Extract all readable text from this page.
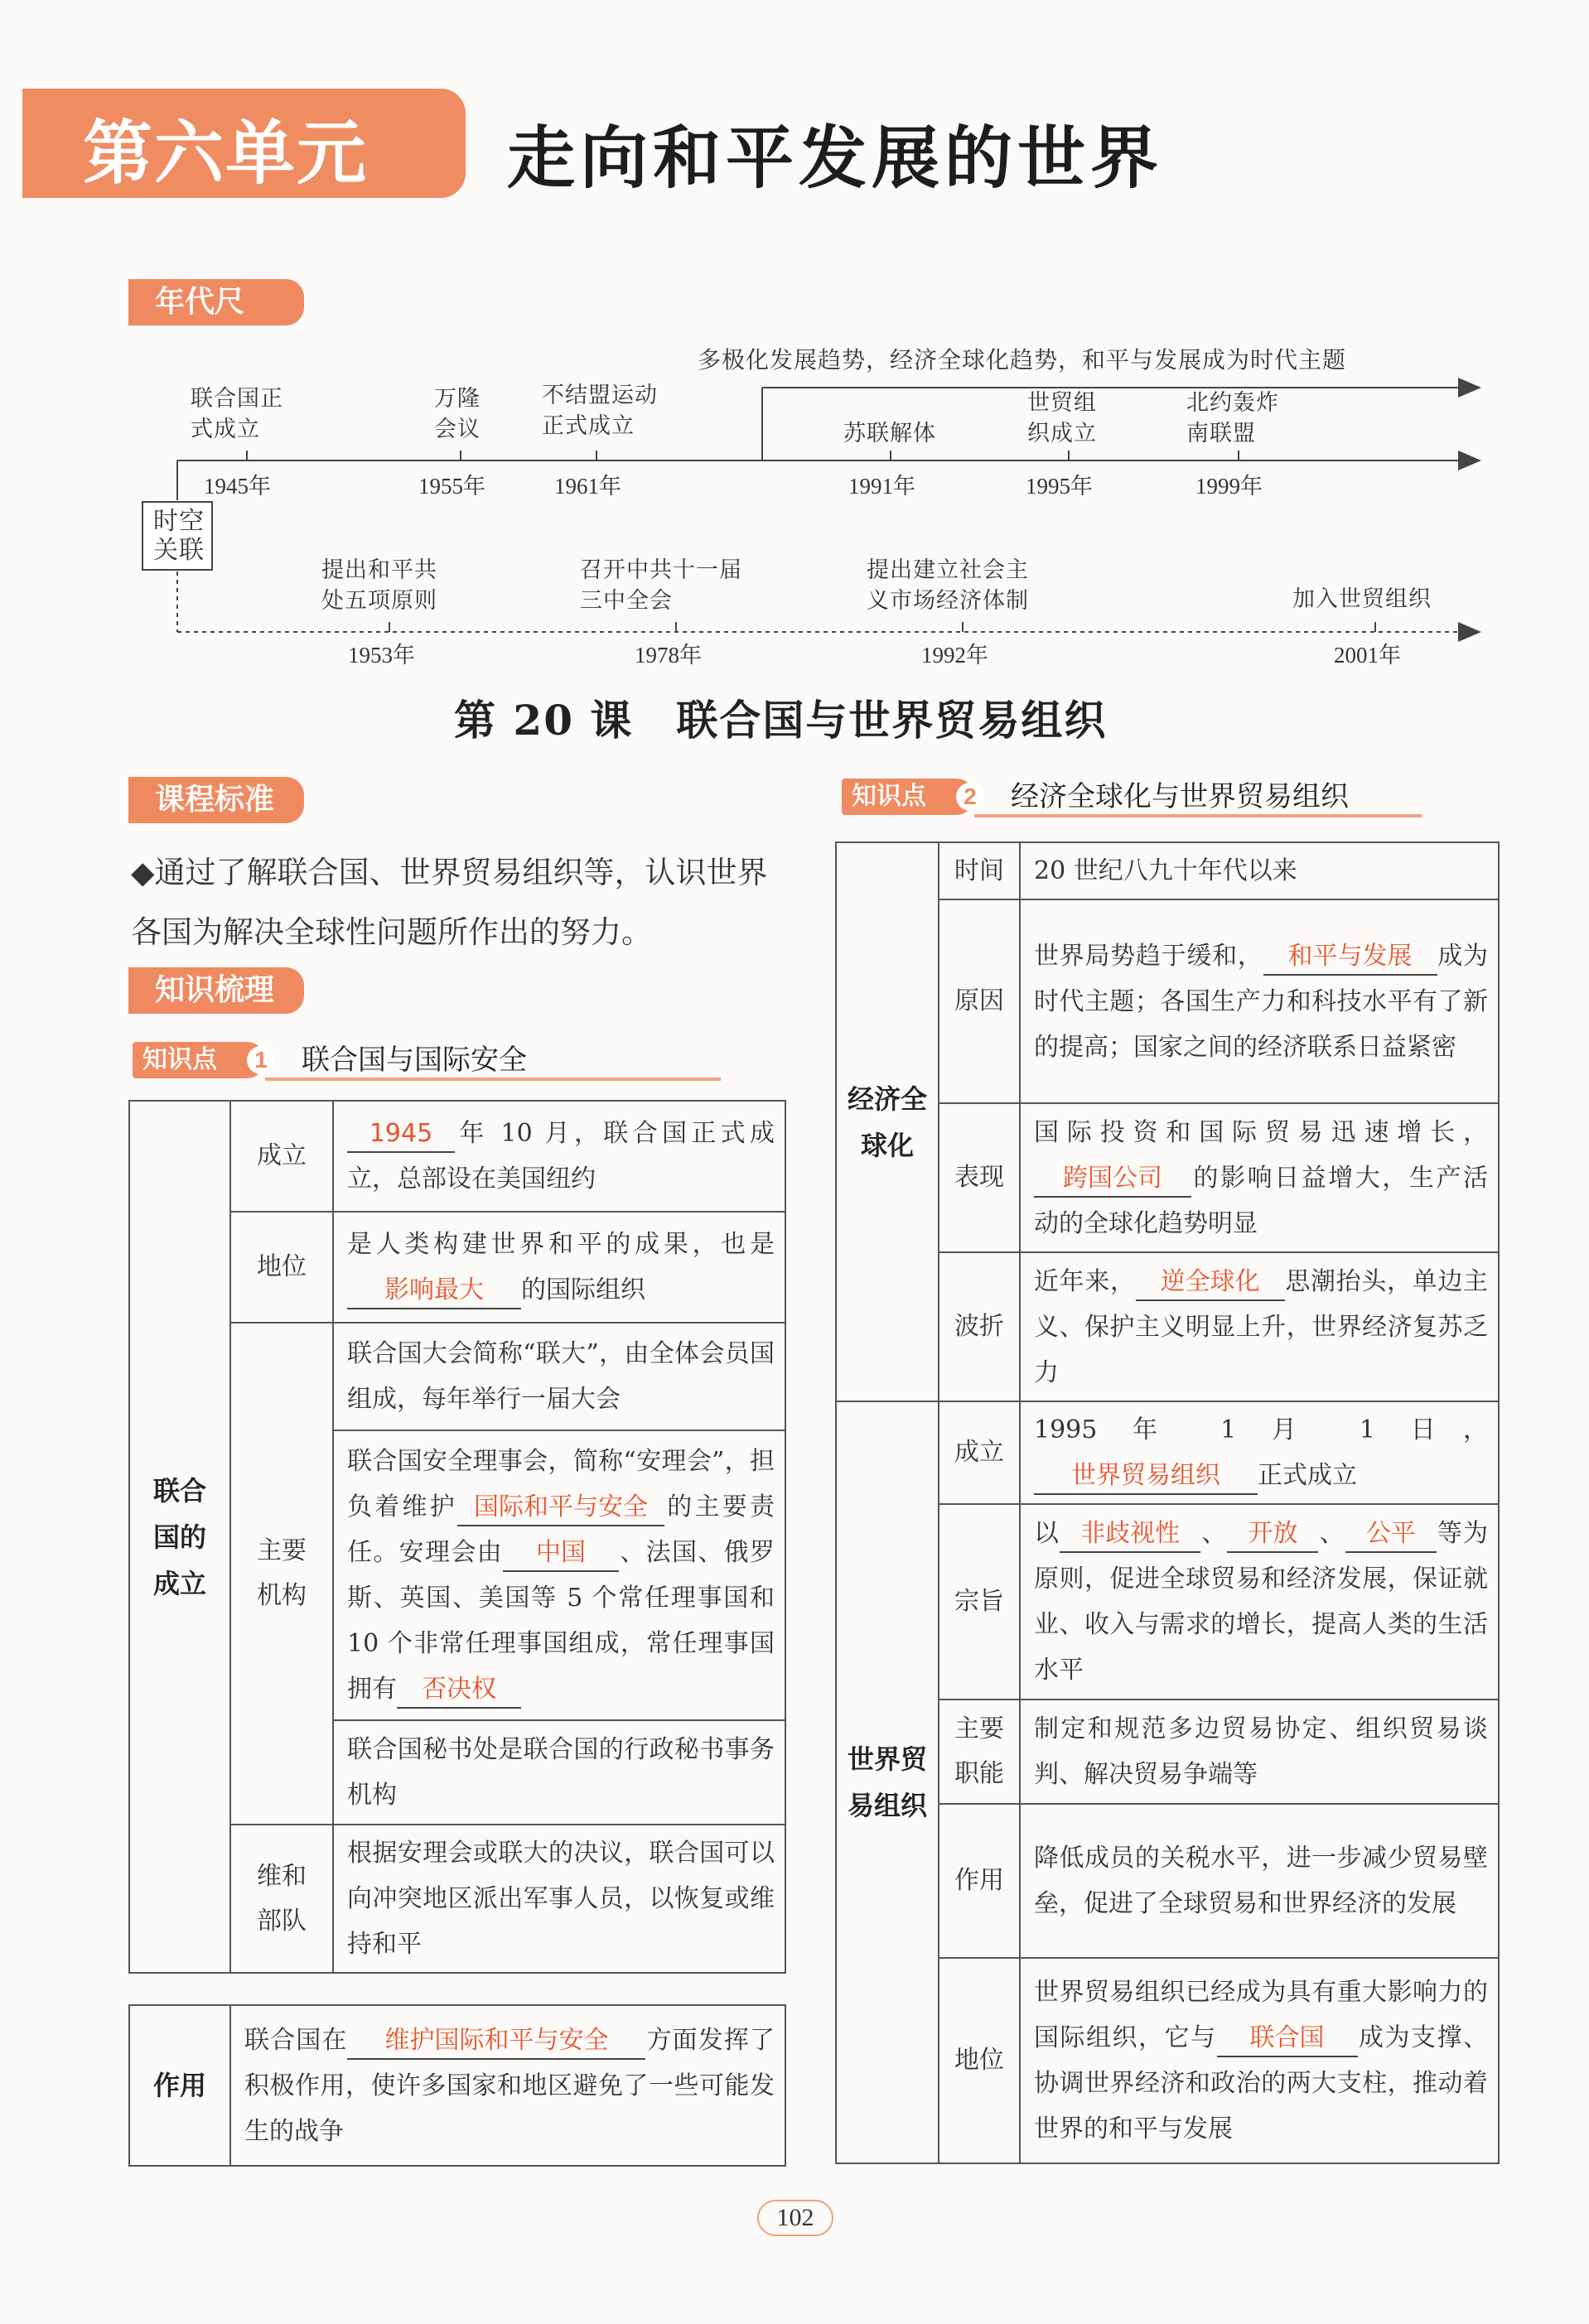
第六单元 走向和平发展的世界
年代尺
多极化发展趋势，经济全球化趋势，和平与发展成为时代主题
时空
关联
联合国正
式成立
1945年
万隆
会议
1955年
不结盟运动
正式成立
1961年
苏联解体
1991年
世贸组
织成立
1995年
北约轰炸
南联盟
1999年
提出和平共
处五项原则
1953年
召开中共十一届
三中全会
1978年
提出建立社会主
义市场经济体制
1992年
加入世贸组织
2001年
第 20 课　联合国与世界贸易组织
课程标准
◆通过了解联合国、世界贸易组织等，认识世界各国为解决全球性问题所作出的努力。
知识梳理
知识点	1 联合国与国际安全
联合国的成立	成立	1945 年 10 月，联合国正式成立，总部设在美国纽约
	地位	是人类构建世界和平的成果，也是影响最大 的国际组织

	主要机构	联合国大会简称“联大”，由全体会员国组成，每年举行一届大会
		联合国安全理事会，简称“安理会”，担负着维护 国际和平与安全 的主要责任。安理会由 中国 、法国、俄罗斯、英国、美国等 5 个常任理事国和 10 个非常任理事国组成，常任理事国拥有 否决权
		联合国秘书处是联合国的行政秘书事务机构

	维和部队	根据安理会或联大的决议，联合国可以向冲突地区派出军事人员，以恢复或维持和平
作用	联合国在 维护国际和平与安全 方面发挥了积极作用，使许多国家和地区避免了一些可能发生的战争
知识点	2 经济全球化与世界贸易组织
经济全球化	时间	20 世纪八九十年代以来
	原因	世界局势趋于缓和， 和平与发展 成为时代主题；各国生产力和科技水平有了新的提高；国家之间的经济联系日益紧密
	表现	国际投资和国际贸易迅速增长，跨国公司 的影响日益增大，生产活动的全球化趋势明显
	波折	近年来， 逆全球化 思潮抬头，单边主义、保护主义明显上升，世界经济复苏乏力

世界贸易组织	成立	1995 年 1 月 1 日，世界贸易组织 正式成立
	宗旨	以 非歧视性 、 开放 、 公平 等为原则，促进全球贸易和经济发展，保证就业、收入与需求的增长，提高人类的生活水平

	主要职能	制定和规范多边贸易协定、组织贸易谈判、解决贸易争端等
	作用	降低成员的关税水平，进一步减少贸易壁垒，促进了全球贸易和世界经济的发展
	地位	世界贸易组织已经成为具有重大影响力的国际组织，它与 联合国 成为支撑、协调世界经济和政治的两大支柱，推动着世界的和平与发展
102
